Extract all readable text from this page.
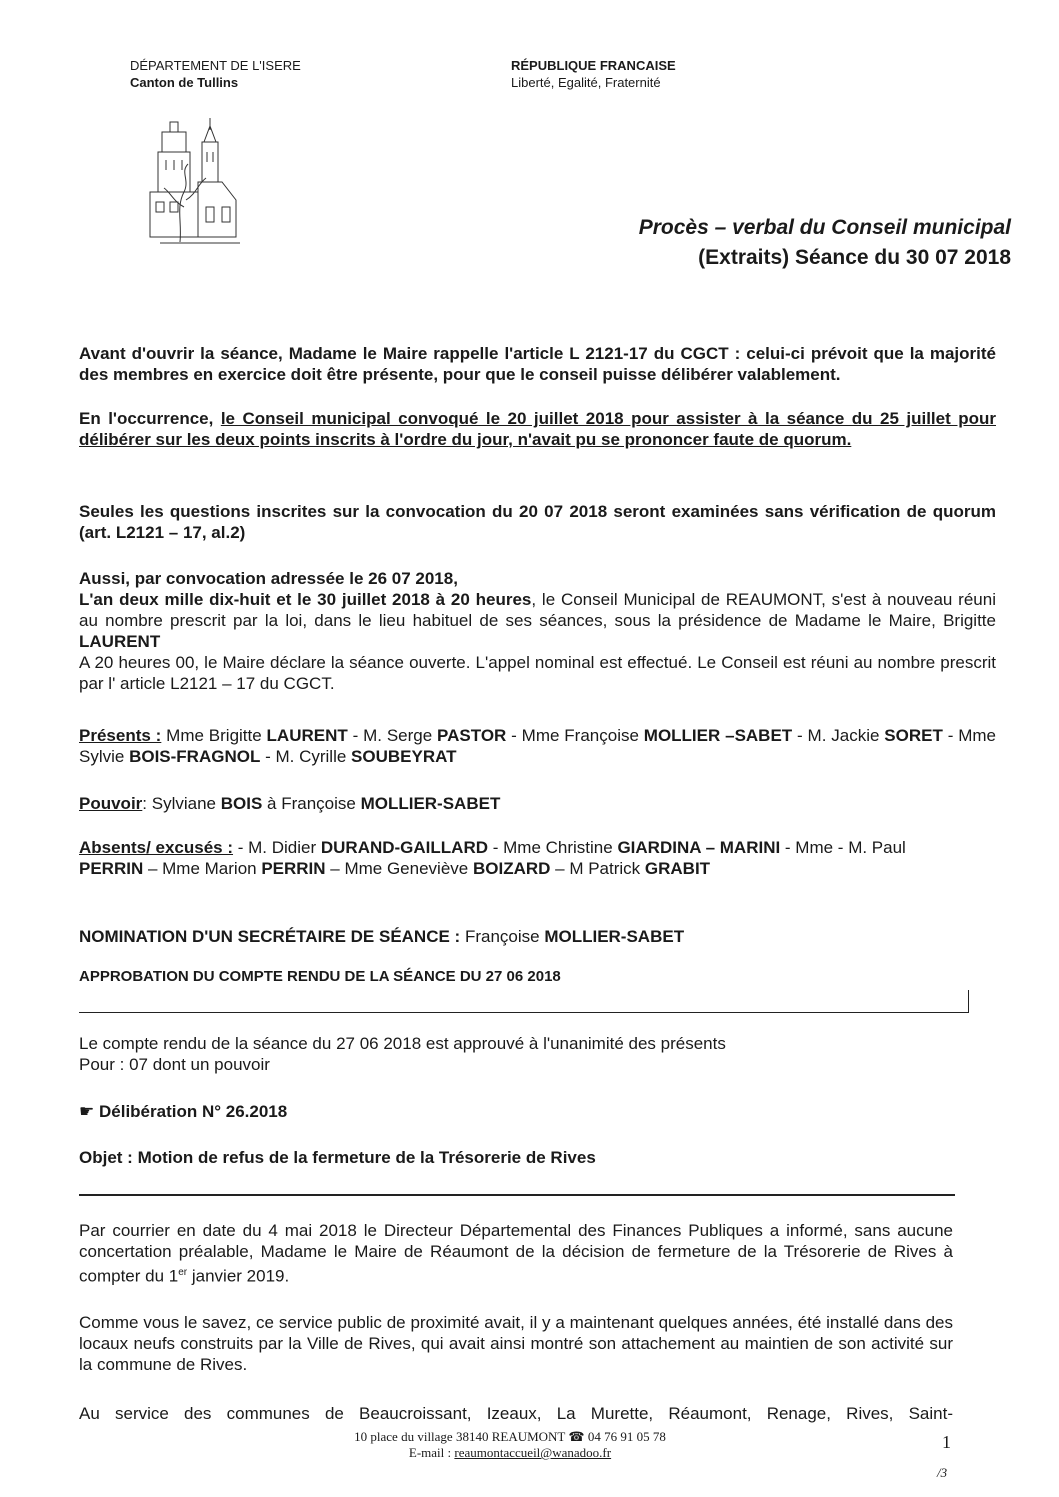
DÉPARTEMENT DE L'ISERE
Canton de Tullins
RÉPUBLIQUE FRANCAISE
Liberté, Egalité, Fraternité
Procès – verbal du Conseil municipal
(Extraits) Séance du 30 07 2018

Avant d'ouvrir la séance, Madame le Maire rappelle l'article L 2121-17 du CGCT : celui-ci prévoit que la majorité des membres en exercice doit être présente, pour que le conseil puisse délibérer valablement.

En l'occurrence, le Conseil municipal convoqué le 20 juillet 2018 pour assister à la séance du 25 juillet pour délibérer sur les deux points inscrits à l'ordre du jour, n'avait pu se prononcer faute de quorum.

Seules les questions inscrites sur la convocation du 20 07 2018 seront examinées sans vérification de quorum (art. L2121 – 17, al.2)

Aussi, par convocation adressée le 26 07 2018,

L'an deux mille dix-huit et le 30 juillet 2018 à 20 heures, le Conseil Municipal de REAUMONT, s'est à nouveau réuni au nombre prescrit par la loi, dans le lieu habituel de ses séances, sous la présidence de Madame le Maire, Brigitte LAURENT

A 20 heures 00, le Maire déclare la séance ouverte. L'appel nominal est effectué. Le Conseil est réuni au nombre prescrit par l' article L2121 – 17 du CGCT.

Présents : Mme Brigitte LAURENT - M. Serge PASTOR - Mme Françoise MOLLIER –SABET - M. Jackie SORET - Mme Sylvie BOIS-FRAGNOL - M. Cyrille SOUBEYRAT

Pouvoir: Sylviane BOIS à Françoise MOLLIER-SABET

Absents/ excusés : - M. Didier DURAND-GAILLARD - Mme Christine GIARDINA – MARINI - Mme - M. Paul PERRIN – Mme Marion PERRIN – Mme Geneviève BOIZARD – M Patrick GRABIT

NOMINATION D'UN SECRÉTAIRE DE SÉANCE : Françoise MOLLIER-SABET

APPROBATION DU COMPTE RENDU DE LA SÉANCE DU 27 06 2018

Le compte rendu de la séance du 27 06 2018 est approuvé à l'unanimité des présents

Pour : 07 dont un pouvoir

☛ Délibération N° 26.2018

Objet : Motion de refus de la fermeture de la Trésorerie de Rives

Par courrier en date du 4 mai 2018 le Directeur Départemental des Finances Publiques a informé, sans aucune concertation préalable, Madame le Maire de Réaumont de la décision de fermeture de la Trésorerie de Rives à compter du 1er janvier 2019.

Comme vous le savez, ce service public de proximité avait, il y a maintenant quelques années, été installé dans des locaux neufs construits par la Ville de Rives, qui avait ainsi montré son attachement au maintien de son activité sur la commune de Rives.

Au service des communes de Beaucroissant, Izeaux, La Murette, Réaumont, Renage, Rives, Saint-

10 place du village 38140 REAUMONT ☎ 04 76 91 05 78
E-mail : reaumontaccueil@wanadoo.fr
1
/3
